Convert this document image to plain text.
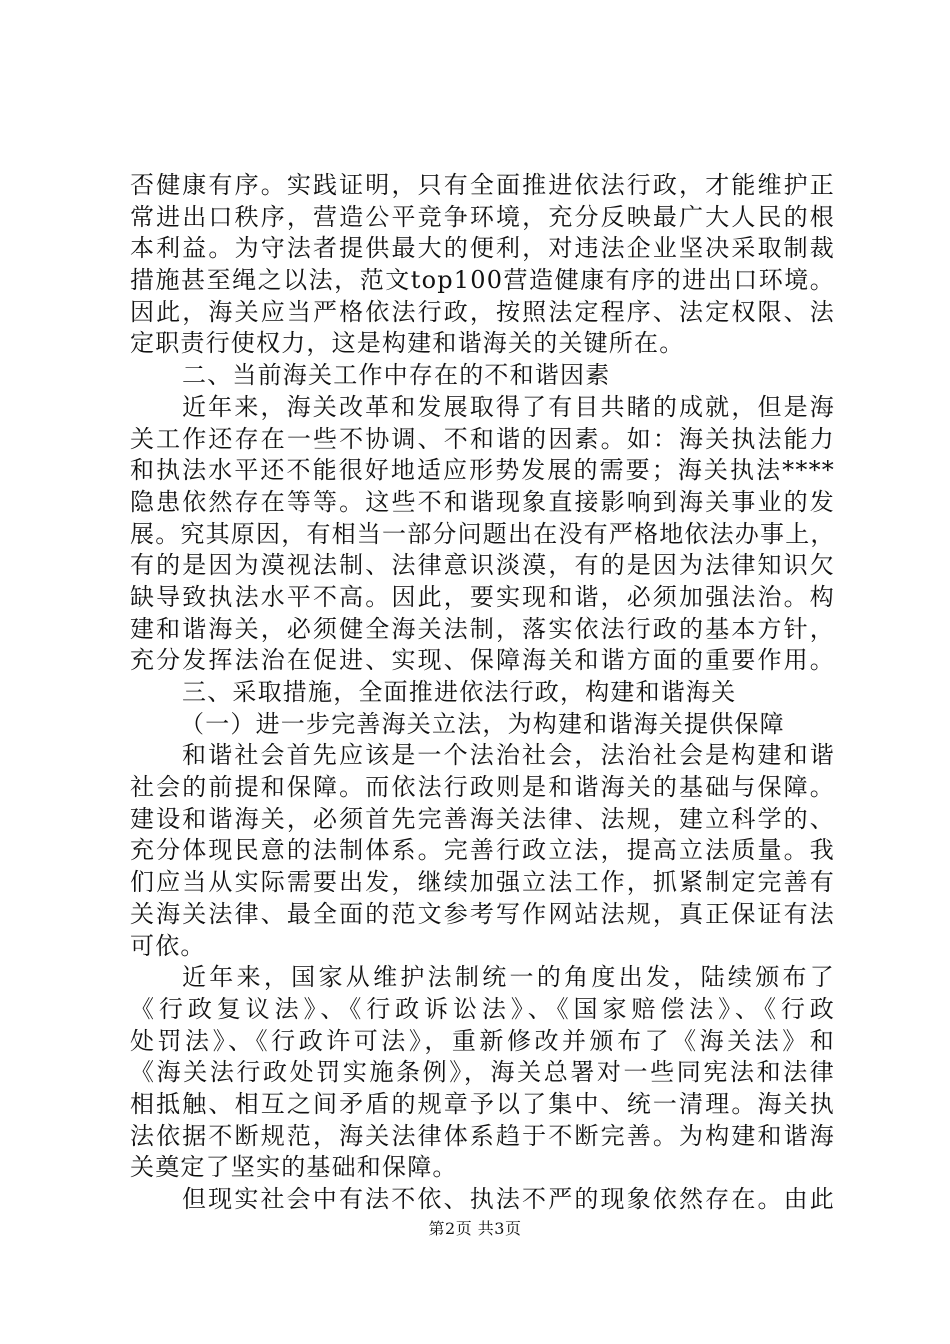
否健康有序。实践证明，只有全面推进依法行政，才能维护正
常进出口秩序，营造公平竞争环境，充分反映最广大人民的根
本利益。为守法者提供最大的便利，对违法企业坚决采取制裁
措施甚至绳之以法，范文top100营造健康有序的进出口环境。
因此，海关应当严格依法行政，按照法定程序、法定权限、法
定职责行使权力，这是构建和谐海关的关键所在。
二、当前海关工作中存在的不和谐因素
近年来，海关改革和发展取得了有目共睹的成就，但是海
关工作还存在一些不协调、不和谐的因素。如：海关执法能力
和执法水平还不能很好地适应形势发展的需要；海关执法****
隐患依然存在等等。这些不和谐现象直接影响到海关事业的发
展。究其原因，有相当一部分问题出在没有严格地依法办事上，
有的是因为漠视法制、法律意识淡漠，有的是因为法律知识欠
缺导致执法水平不高。因此，要实现和谐，必须加强法治。构
建和谐海关，必须健全海关法制，落实依法行政的基本方针，
充分发挥法治在促进、实现、保障海关和谐方面的重要作用。
三、采取措施，全面推进依法行政，构建和谐海关
（一）进一步完善海关立法，为构建和谐海关提供保障
和谐社会首先应该是一个法治社会，法治社会是构建和谐
社会的前提和保障。而依法行政则是和谐海关的基础与保障。
建设和谐海关，必须首先完善海关法律、法规，建立科学的、
充分体现民意的法制体系。完善行政立法，提高立法质量。我
们应当从实际需要出发，继续加强立法工作，抓紧制定完善有
关海关法律、最全面的范文参考写作网站法规，真正保证有法
可依。
近年来，国家从维护法制统一的角度出发，陆续颁布了
《行政复议法》、《行政诉讼法》、《国家赔偿法》、《行政
处罚法》、《行政许可法》，重新修改并颁布了《海关法》和
《海关法行政处罚实施条例》，海关总署对一些同宪法和法律
相抵触、相互之间矛盾的规章予以了集中、统一清理。海关执
法依据不断规范，海关法律体系趋于不断完善。为构建和谐海
关奠定了坚实的基础和保障。
但现实社会中有法不依、执法不严的现象依然存在。由此
第2页 共3页
